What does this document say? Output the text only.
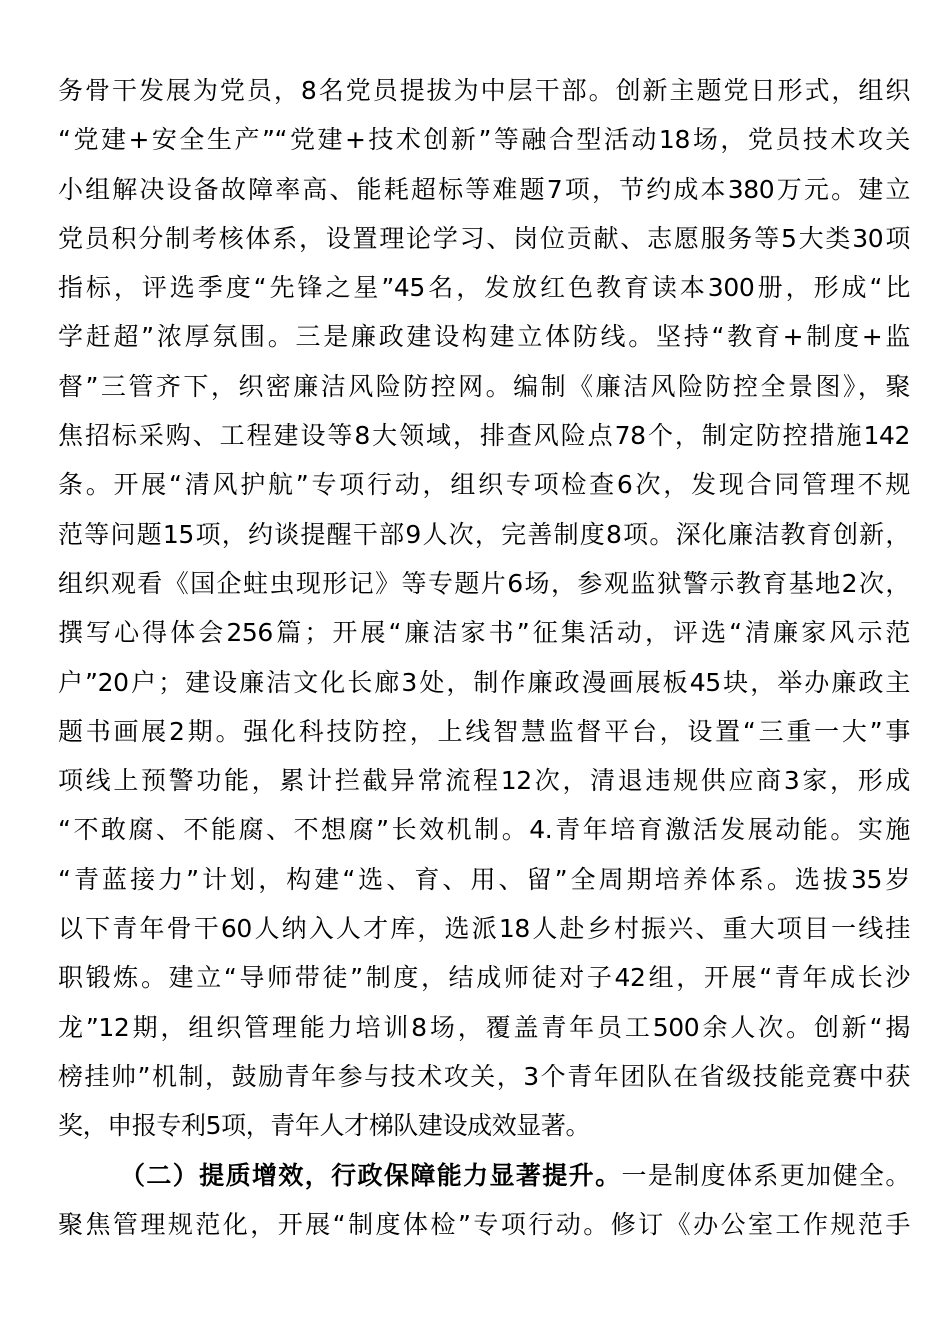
务骨干发展为党员，8名党员提拔为中层干部。创新主题党日形式，组织
“党建+安全生产”“党建+技术创新”等融合型活动18场，党员技术攻关
小组解决设备故障率高、能耗超标等难题7项，节约成本380万元。建立
党员积分制考核体系，设置理论学习、岗位贡献、志愿服务等5大类30项
指标，评选季度“先锋之星”45名，发放红色教育读本300册，形成“比
学赶超”浓厚氛围。三是廉政建设构建立体防线。坚持“教育+制度+监
督”三管齐下，织密廉洁风险防控网。编制《廉洁风险防控全景图》，聚
焦招标采购、工程建设等8大领域，排查风险点78个，制定防控措施142
条。开展“清风护航”专项行动，组织专项检查6次，发现合同管理不规
范等问题15项，约谈提醒干部9人次，完善制度8项。深化廉洁教育创新，
组织观看《国企蛀虫现形记》等专题片6场，参观监狱警示教育基地2次，
撰写心得体会256篇；开展“廉洁家书”征集活动，评选“清廉家风示范
户”20户；建设廉洁文化长廊3处，制作廉政漫画展板45块，举办廉政主
题书画展2期。强化科技防控，上线智慧监督平台，设置“三重一大”事
项线上预警功能，累计拦截异常流程12次，清退违规供应商3家，形成
“不敢腐、不能腐、不想腐”长效机制。4.青年培育激活发展动能。实施
“青蓝接力”计划，构建“选、育、用、留”全周期培养体系。选拔35岁
以下青年骨干60人纳入人才库，选派18人赴乡村振兴、重大项目一线挂
职锻炼。建立“导师带徒”制度，结成师徒对子42组，开展“青年成长沙
龙”12期，组织管理能力培训8场，覆盖青年员工500余人次。创新“揭
榜挂帅”机制，鼓励青年参与技术攻关，3个青年团队在省级技能竞赛中获
奖，申报专利5项，青年人才梯队建设成效显著。
（二）提质增效，行政保障能力显著提升。一是制度体系更加健全。
聚焦管理规范化，开展“制度体检”专项行动。修订《办公室工作规范手
